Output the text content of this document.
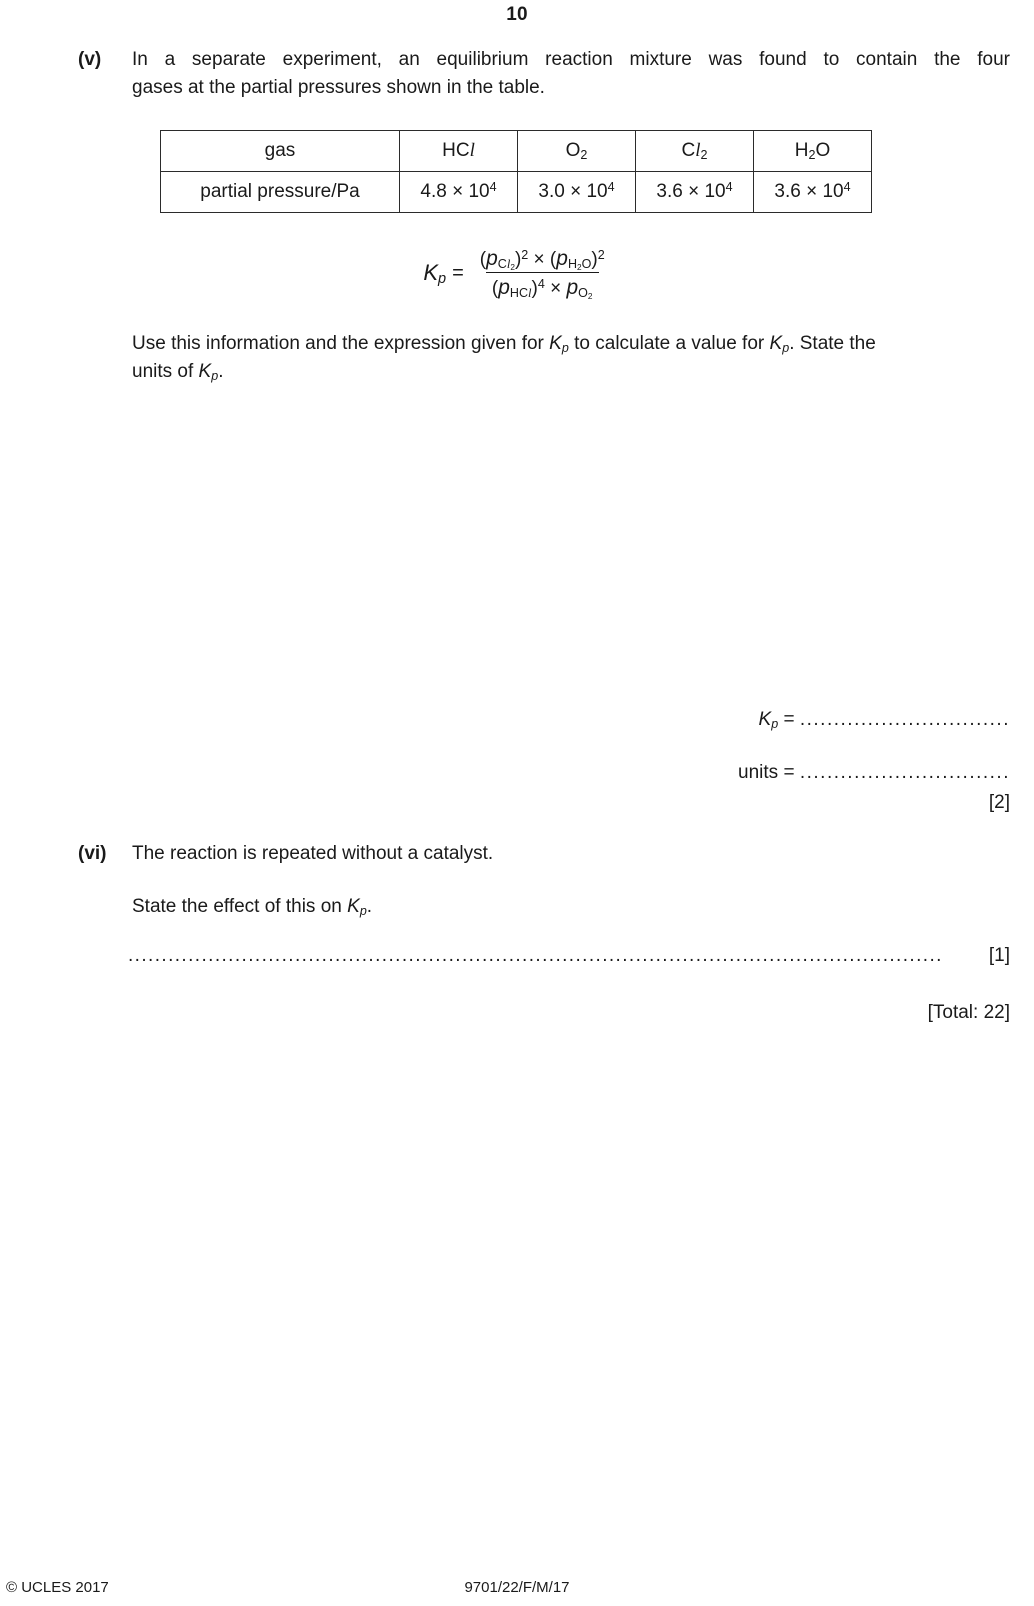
10
(v)	In a separate experiment, an equilibrium reaction mixture was found to contain the four
gases at the partial pressures shown in the table.
gas	HCl	$O_2$	$Cl_2$	$H_2O$
partial pressure/Pa	$4.8 \times 10^4$	$3.0 \times 10^4$	$3.6 \times 10^4$	$3.6 \times 10^4$
$K_p = \frac{(p_{Cl_2})^2 \times (p_{H_2O})^2}{(p_{HCl})^4 \times p_{O_2}}$
Use this information and the expression given for $K_p$ to calculate a value for $K_p$. State the
units of $K_p$.
$K_p$ = ...............................
units = ...............................
[2]
(vi)	The reaction is repeated without a catalyst.
State the effect of this on $K_p$.
..........................................................................................................................	[1]
[Total: 22]
© UCLES 2017	9701/22/F/M/17
